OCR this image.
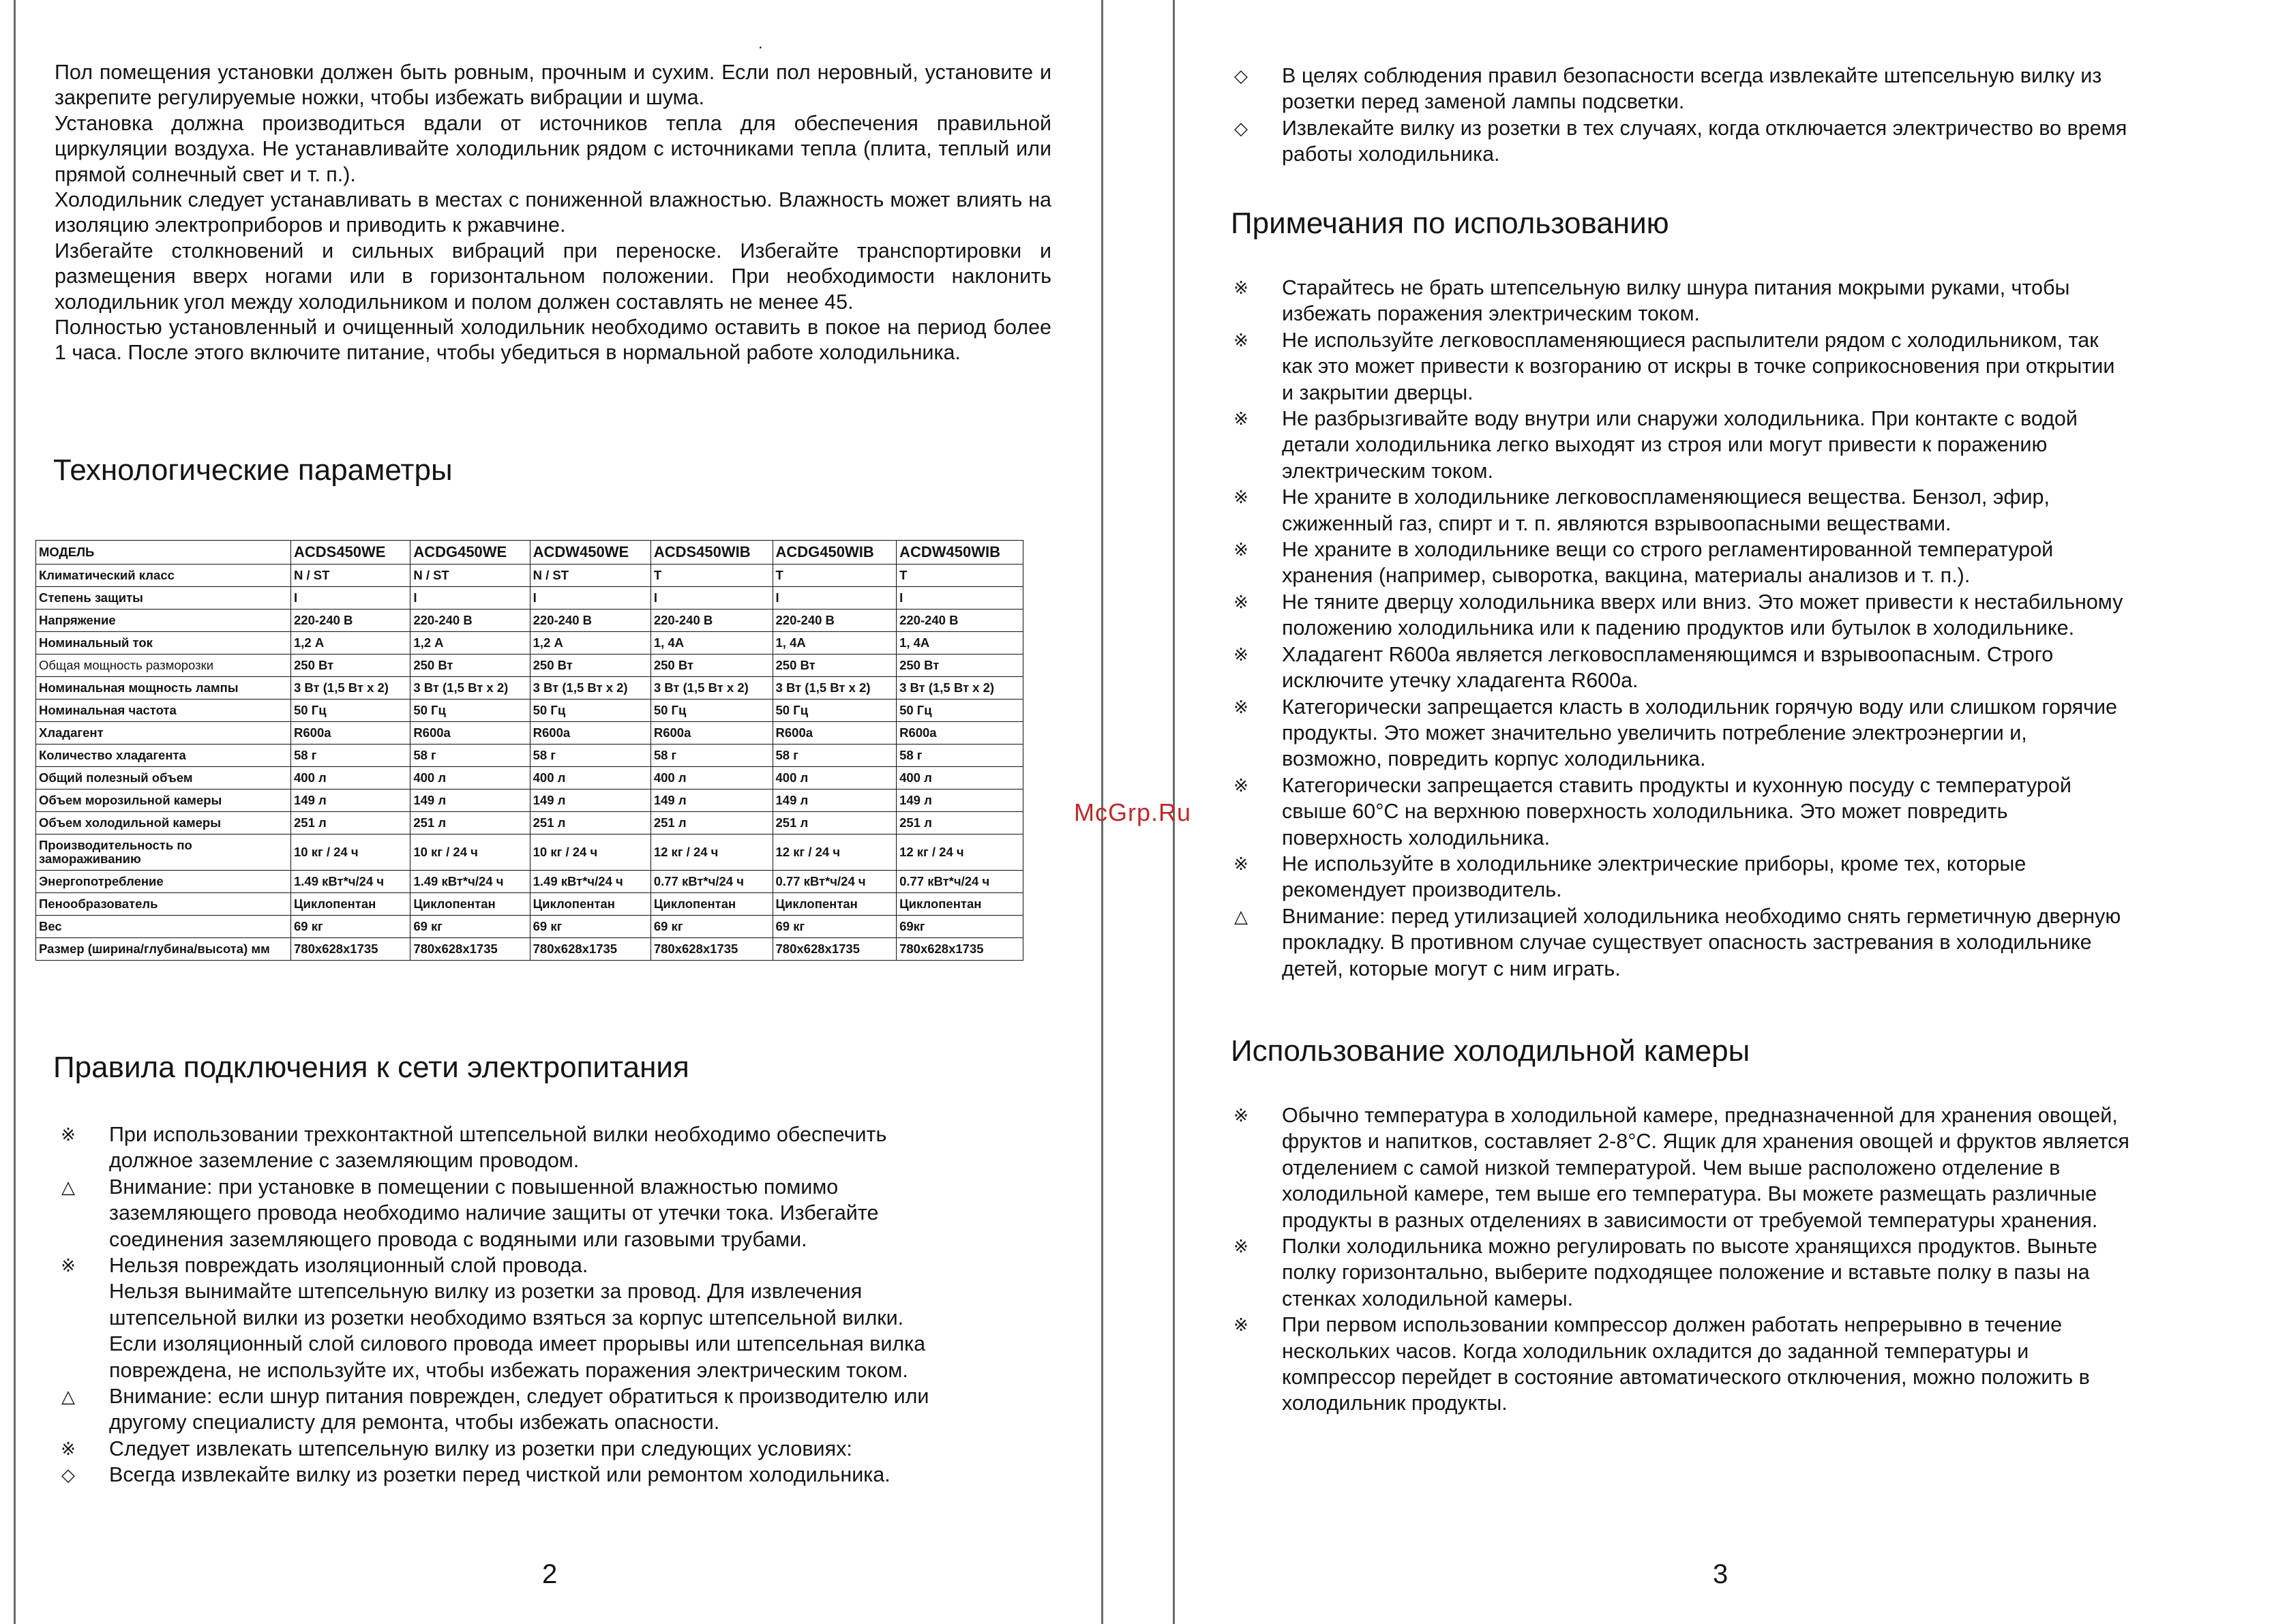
.

Пол помещения установки должен быть ровным, прочным и сухим. Если пол неровный, установите и закрепите регулируемые ножки, чтобы избежать вибрации и шума.

Установка должна производиться вдали от источников тепла для обеспечения правильной циркуляции воздуха. Не устанавливайте холодильник рядом с источниками тепла (плита, теплый или прямой солнечный свет и т. п.).

Холодильник следует устанавливать в местах с пониженной влажностью. Влажность может влиять на изоляцию электроприборов и приводить к ржавчине.

Избегайте столкновений и сильных вибраций при переноске. Избегайте транспортировки и размещения вверх ногами или в горизонтальном положении. При необходимости наклонить холодильник угол между холодильником и полом должен составлять не менее 45.

Полностью установленный и очищенный холодильник необходимо оставить в покое на период более 1 часа. После этого включите питание, чтобы убедиться в нормальной работе холодильника.

Технологические параметры
МОДЕЛЬ	ACDS450WE	ACDG450WE	ACDW450WE	ACDS450WIB	ACDG450WIB	ACDW450WIB
Климатический класс	N / ST	N / ST	N / ST	T	T	T
Степень защиты	I	I	I	I	I	I
Напряжение	220-240 В	220-240 В	220-240 В	220-240 В	220-240 В	220-240 В
Номинальный ток	1,2 А	1,2 А	1,2 А	1, 4А	1, 4А	1, 4А
Общая мощность разморозки	250 Вт	250 Вт	250 Вт	250 Вт	250 Вт	250 Вт
Номинальная мощность лампы	3 Вт (1,5 Вт х 2)	3 Вт (1,5 Вт х 2)	3 Вт (1,5 Вт х 2)	3 Вт (1,5 Вт х 2)	3 Вт (1,5 Вт х 2)	3 Вт (1,5 Вт х 2)
Номинальная частота	50 Гц	50 Гц	50 Гц	50 Гц	50 Гц	50 Гц
Хладагент	R600a	R600a	R600a	R600a	R600a	R600a
Количество хладагента	58 г	58 г	58 г	58 г	58 г	58 г
Общий полезный объем	400 л	400 л	400 л	400 л	400 л	400 л
Объем морозильной камеры	149 л	149 л	149 л	149 л	149 л	149 л
Объем холодильной камеры	251 л	251 л	251 л	251 л	251 л	251 л
Производительность по замораживанию	10 кг / 24 ч	10 кг / 24 ч	10 кг / 24 ч	12 кг / 24 ч	12 кг / 24 ч	12 кг / 24 ч
Энергопотребление	1.49 кВт*ч/24 ч	1.49 кВт*ч/24 ч	1.49 кВт*ч/24 ч	0.77 кВт*ч/24 ч	0.77 кВт*ч/24 ч	0.77 кВт*ч/24 ч
Пенообразователь	Циклопентан	Циклопентан	Циклопентан	Циклопентан	Циклопентан	Циклопентан
Вес	69 кг	69 кг	69 кг	69 кг	69 кг	69кг
Размер (ширина/глубина/высота) мм	780x628x1735	780x628x1735	780x628x1735	780x628x1735	780x628x1735	780x628x1735
Правила подключения к сети электропитания
※ При использовании трехконтактной штепсельной вилки необходимо обеспечить
должное заземление с заземляющим проводом.
△	Внимание: при установке в помещении с повышенной влажностью помимо
заземляющего провода необходимо наличие защиты от утечки тока. Избегайте
соединения заземляющего провода с водяными или газовыми трубами.
※ Нельзя повреждать изоляционный слой провода.
Нельзя вынимайте штепсельную вилку из розетки за провод. Для извлечения
штепсельной вилки из розетки необходимо взяться за корпус штепсельной вилки.
Если изоляционный слой силового провода имеет прорывы или штепсельная вилка
повреждена, не используйте их, чтобы избежать поражения электрическим током.
△	Внимание: если шнур питания поврежден, следует обратиться к производителю или
другому специалисту для ремонта, чтобы избежать опасности.
※ Следует извлекать штепсельную вилку из розетки при следующих условиях:
◇	Всегда извлекайте вилку из розетки перед чисткой или ремонтом холодильника.
2
◇	В целях соблюдения правил безопасности всегда извлекайте штепсельную вилку из
розетки перед заменой лампы подсветки.
◇	Извлекайте вилку из розетки в тех случаях, когда отключается электричество во время
работы холодильника.
Примечания по использованию
※ Старайтесь не брать штепсельную вилку шнура питания мокрыми руками, чтобы
избежать поражения электрическим током.
※ Не используйте легковоспламеняющиеся распылители рядом с холодильником, так
как это может привести к возгоранию от искры в точке соприкосновения при открытии
и закрытии дверцы.
※ Не разбрызгивайте воду внутри или снаружи холодильника. При контакте с водой
детали холодильника легко выходят из строя или могут привести к поражению
электрическим током.
※ Не храните в холодильнике легковоспламеняющиеся вещества. Бензол, эфир,
сжиженный газ, спирт и т. п. являются взрывоопасными веществами.
※ Не храните в холодильнике вещи со строго регламентированной температурой
хранения (например, сыворотка, вакцина, материалы анализов и т. п.).
※ Не тяните дверцу холодильника вверх или вниз. Это может привести к нестабильному
положению холодильника или к падению продуктов или бутылок в холодильнике.
※ Хладагент R600a является легковоспламеняющимся и взрывоопасным. Строго
исключите утечку хладагента R600a.
※ Категорически запрещается класть в холодильник горячую воду или слишком горячие
продукты. Это может значительно увеличить потребление электроэнергии и,
возможно, повредить корпус холодильника.
※ Категорически запрещается ставить продукты и кухонную посуду с температурой
свыше 60°С на верхнюю поверхность холодильника. Это может повредить
поверхность холодильника.
※ Не используйте в холодильнике электрические приборы, кроме тех, которые
рекомендует производитель.
△	Внимание: перед утилизацией холодильника необходимо снять герметичную дверную
прокладку. В противном случае существует опасность застревания в холодильнике
детей, которые могут с ним играть.
Использование холодильной камеры
※ Обычно температура в холодильной камере, предназначенной для хранения овощей,
фруктов и напитков, составляет 2-8°С. Ящик для хранения овощей и фруктов является
отделением с самой низкой температурой. Чем выше расположено отделение в
холодильной камере, тем выше его температура. Вы можете размещать различные
продукты в разных отделениях в зависимости от требуемой температуры хранения.
※ Полки холодильника можно регулировать по высоте хранящихся продуктов. Выньте
полку горизонтально, выберите подходящее положение и вставьте полку в пазы на
стенках холодильной камеры.
※ При первом использовании компрессор должен работать непрерывно в течение
нескольких часов. Когда холодильник охладится до заданной температуры и
компрессор перейдет в состояние автоматического отключения, можно положить в
холодильник продукты.
3
McGrp.Ru
